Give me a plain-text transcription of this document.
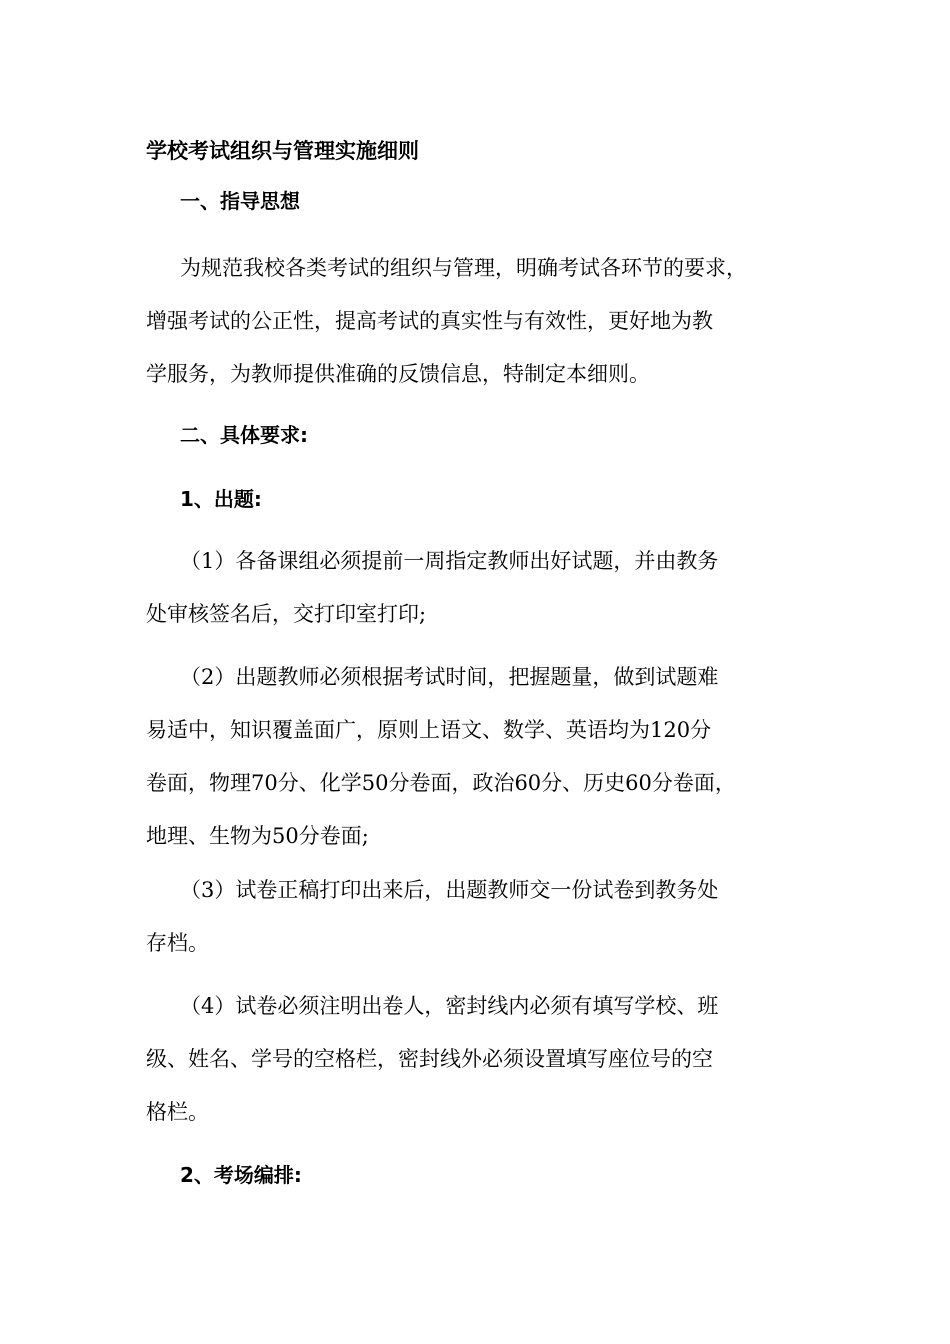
学校考试组织与管理实施细则
一、指导思想

为规范我校各类考试的组织与管理，明确考试各环节的要求，
增强考试的公正性，提高考试的真实性与有效性，更好地为教
学服务，为教师提供准确的反馈信息，特制定本细则。

二、具体要求:
1、出题:

（1）各备课组必须提前一周指定教师出好试题，并由教务
处审核签名后，交打印室打印;

（2）出题教师必须根据考试时间，把握题量，做到试题难
易适中，知识覆盖面广，原则上语文、数学、英语均为120分
卷面，物理70分、化学50分卷面，政治60分、历史60分卷面，
地理、生物为50分卷面;

（3）试卷正稿打印出来后，出题教师交一份试卷到教务处
存档。

（4）试卷必须注明出卷人，密封线内必须有填写学校、班
级、姓名、学号的空格栏，密封线外必须设置填写座位号的空
格栏。

2、考场编排:
